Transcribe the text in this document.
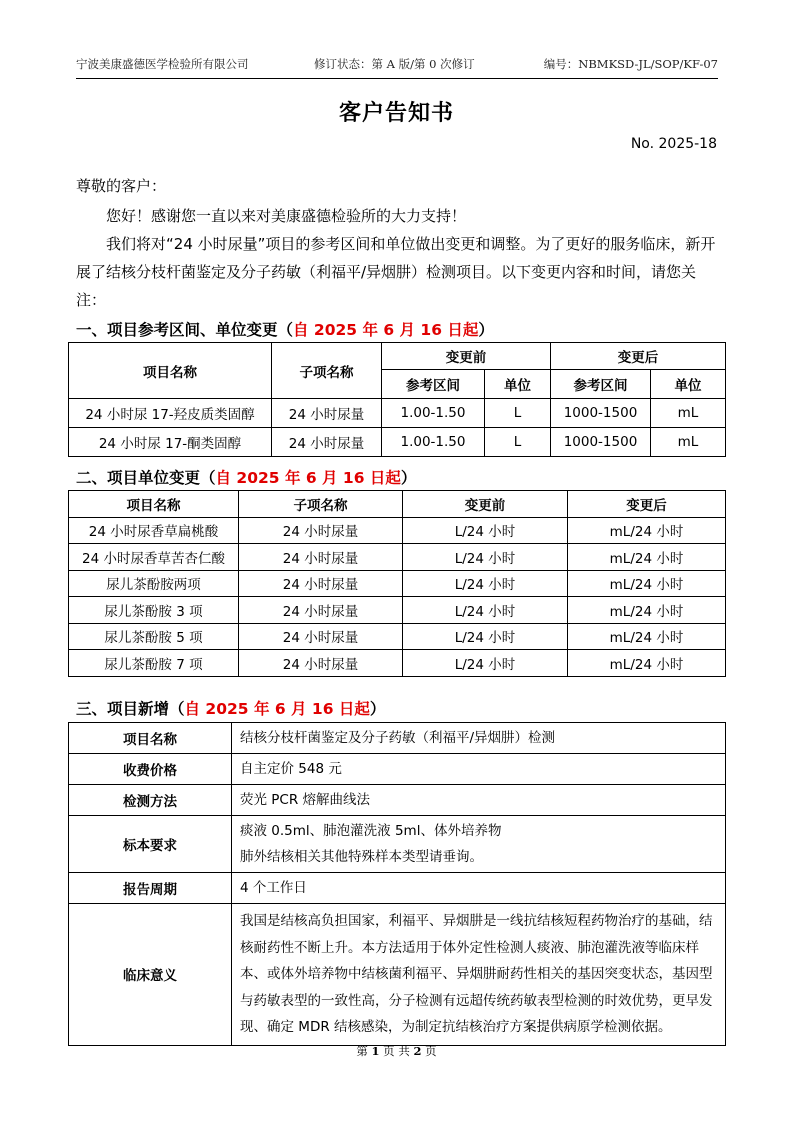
宁波美康盛德医学检验所有限公司	修订状态：第 A 版/第 0 次修订	编号：NBMKSD-JL/SOP/KF-07
客户告知书
No. 2025-18
尊敬的客户：
您好！感谢您一直以来对美康盛德检验所的大力支持！
我们将对“24 小时尿量”项目的参考区间和单位做出变更和调整。为了更好的服务临床，新开展了结核分枝杆菌鉴定及分子药敏（利福平/异烟肼）检测项目。以下变更内容和时间，请您关注：
一、项目参考区间、单位变更（自 2025 年 6 月 16 日起）
项目名称	子项名称	变更前		变更后	
		参考区间	单位	参考区间	单位
24 小时尿 17-羟皮质类固醇	24 小时尿量	1.00-1.50	L	1000-1500	mL
24 小时尿 17-酮类固醇	24 小时尿量	1.00-1.50	L	1000-1500	mL
二、项目单位变更（自 2025 年 6 月 16 日起）
项目名称	子项名称	变更前	变更后
24 小时尿香草扁桃酸	24 小时尿量	L/24 小时	mL/24 小时
24 小时尿香草苦杏仁酸	24 小时尿量	L/24 小时	mL/24 小时
尿儿茶酚胺两项	24 小时尿量	L/24 小时	mL/24 小时
尿儿茶酚胺 3 项	24 小时尿量	L/24 小时	mL/24 小时
尿儿茶酚胺 5 项	24 小时尿量	L/24 小时	mL/24 小时
尿儿茶酚胺 7 项	24 小时尿量	L/24 小时	mL/24 小时
三、项目新增（自 2025 年 6 月 16 日起）
项目名称	结核分枝杆菌鉴定及分子药敏（利福平/异烟肼）检测
收费价格	自主定价 548 元
检测方法	荧光 PCR 熔解曲线法
标本要求	痰液 0.5ml、肺泡灌洗液 5ml、体外培养物
肺外结核相关其他特殊样本类型请垂询。

报告周期	4 个工作日
临床意义	我国是结核高负担国家，利福平、异烟肼是一线抗结核短程药物治疗的基础，结核耐药性不断上升。本方法适用于体外定性检测人痰液、肺泡灌洗液等临床样本、或体外培养物中结核菌利福平、异烟肼耐药性相关的基因突变状态，基因型与药敏表型的一致性高，分子检测有远超传统药敏表型检测的时效优势，更早发现、确定 MDR 结核感染，为制定抗结核治疗方案提供病原学检测依据。
第 1 页 共 2 页
